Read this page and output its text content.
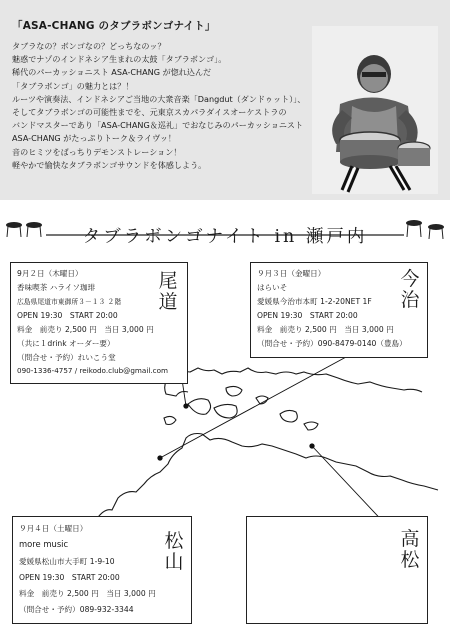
「ASA-CHANG のタブラボンゴナイト」
タブラなの？ボンゴなの？どっちなのッ？
魅惑でナゾのインドネシア生まれの太鼓「タブラボンゴ」。
稀代のパーカッショニスト ASA-CHANG が惚れ込んだ
「タブラボンゴ」の魅力とは？！
ルーツや演奏法、インドネシアご当地の大衆音楽「Dangdut（ダンドゥット）」、
そしてタブラボンゴの可能性までを、元東京スカパラダイスオーケストラの
バンドマスターであり「ASA-CHANG＆巡礼」でおなじみのパーカッショニスト
ASA-CHANG がたっぷりトーク＆ライヴッ！
音のヒミツをばっちりデモンストレーション！
軽やかで愉快なタブラボンゴサウンドを体感しよう。
タブラボンゴナイト in 瀬戸内
9月２日（木曜日）
香味喫茶 ハライソ珈琲
広島県尾道市東御所３－１３ ２階
OPEN 19:30　START 20:00
料金　前売り 2,500 円　当日 3,000 円
（共に１drink オーダー要）
（問合せ・予約）れいこう堂
090-1336-4757 / reikodo.club@gmail.com
尾
道
９月３日（金曜日）
はらいそ
愛媛県今治市本町 1-2-20NET 1F
OPEN 19:30　START 20:00
料金　前売り 2,500 円　当日 3,000 円
（問合せ・予約）090-8479-0140（豊島）
今
治
９月４日（土曜日）
more music
愛媛県松山市大手町 1-9-10
OPEN 19:30　START 20:00
料金　前売り 2,500 円　当日 3,000 円
（問合せ・予約）089-932-3344
松
山
高
松
